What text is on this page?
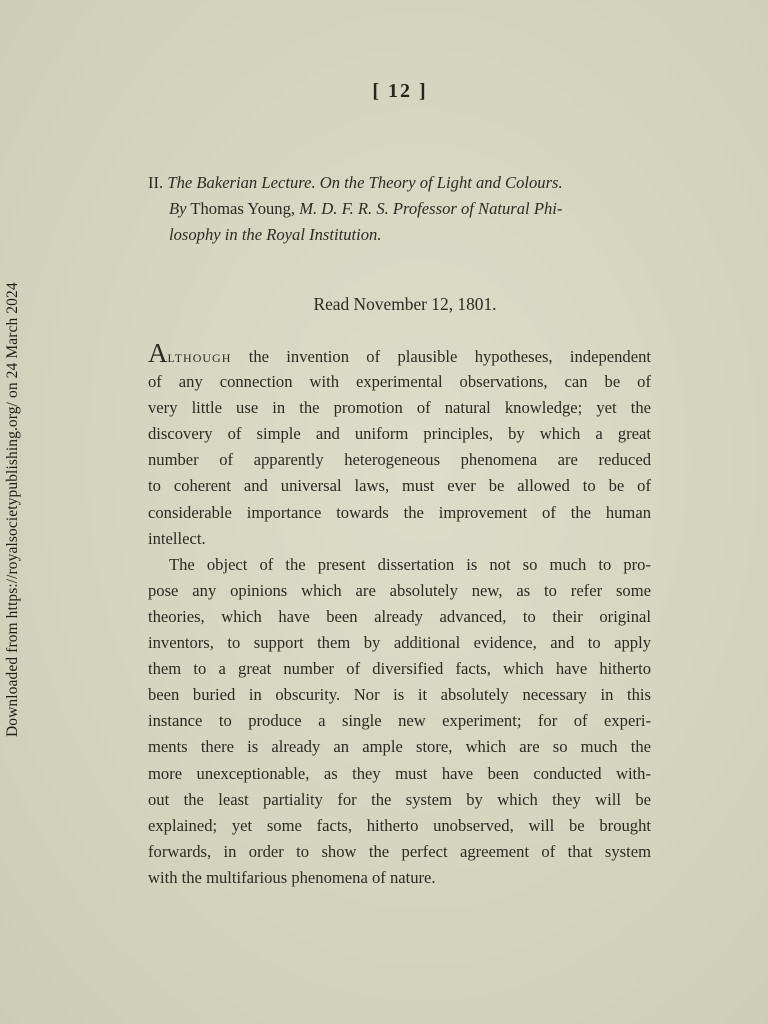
Downloaded from https://royalsocietypublishing.org/ on 24 March 2024
[ 12 ]
II. The Bakerian Lecture. On the Theory of Light and Colours.
By Thomas Young, M. D. F. R. S. Professor of Natural Phi-
losophy in the Royal Institution.
Read November 12, 1801.

Although the invention of plausible hypotheses, independent
of any connection with experimental observations, can be of
very little use in the promotion of natural knowledge; yet the
discovery of simple and uniform principles, by which a great
number of apparently heterogeneous phenomena are reduced
to coherent and universal laws, must ever be allowed to be of
considerable importance towards the improvement of the human
intellect.

The object of the present dissertation is not so much to pro-
pose any opinions which are absolutely new, as to refer some
theories, which have been already advanced, to their original
inventors, to support them by additional evidence, and to apply
them to a great number of diversified facts, which have hitherto
been buried in obscurity. Nor is it absolutely necessary in this
instance to produce a single new experiment; for of experi-
ments there is already an ample store, which are so much the
more unexceptionable, as they must have been conducted with-
out the least partiality for the system by which they will be
explained; yet some facts, hitherto unobserved, will be brought
forwards, in order to show the perfect agreement of that system
with the multifarious phenomena of nature.
